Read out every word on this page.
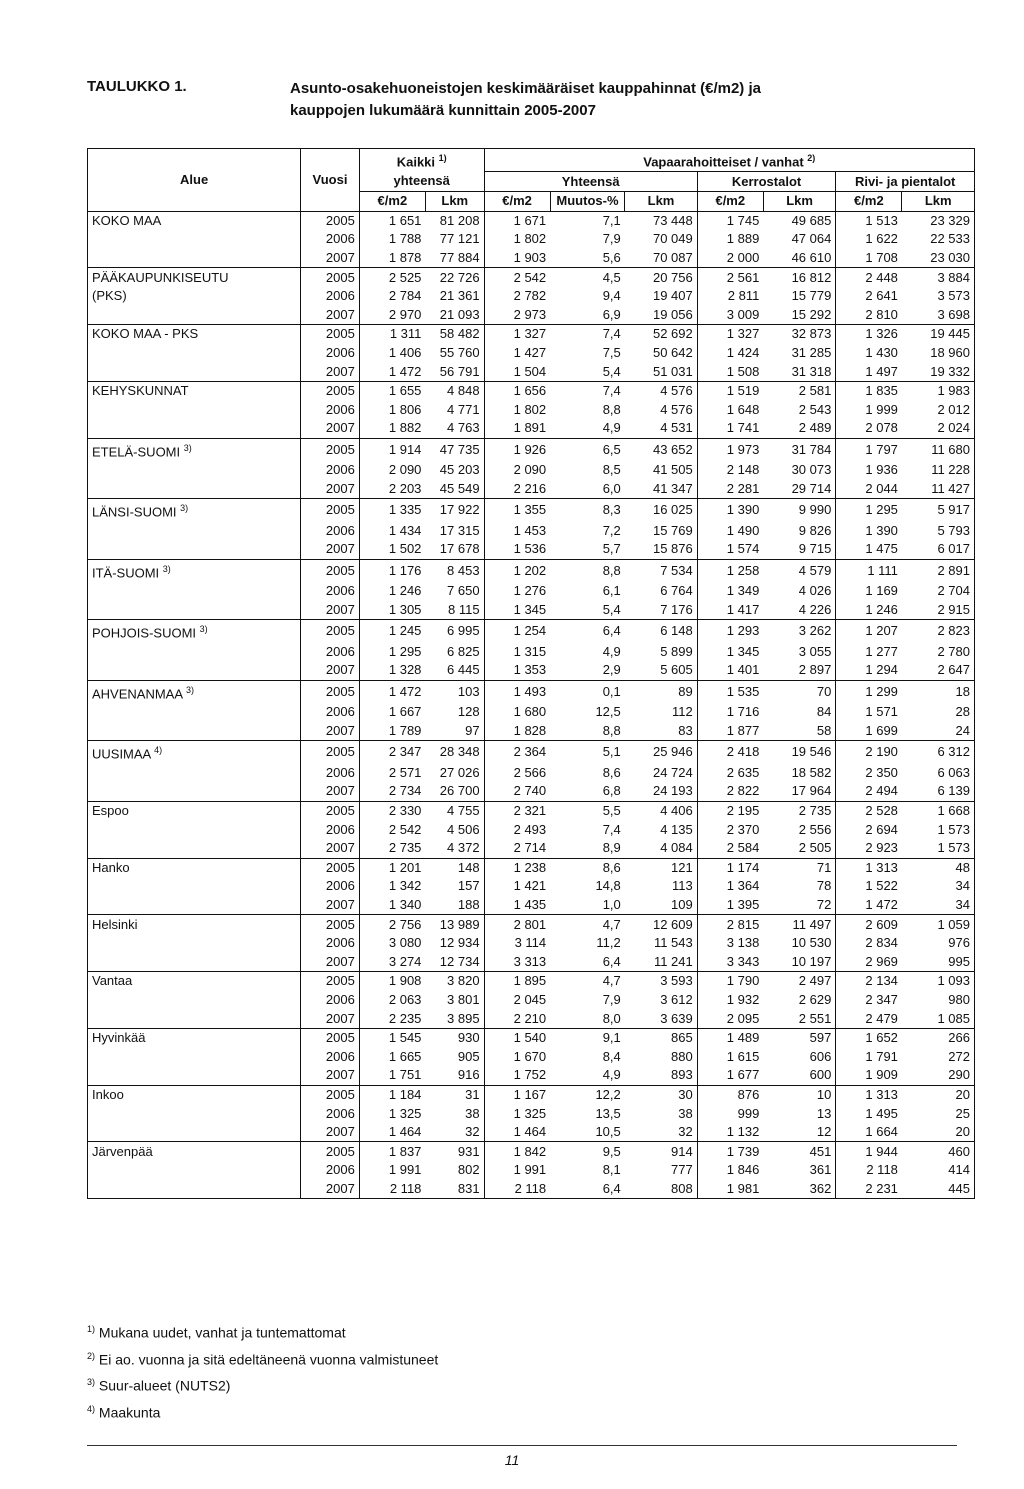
TAULUKKO 1.	Asunto-osakehuoneistojen keskimääräiset kauppahinnat (€/m2) ja
kauppojen lukumäärä kunnittain 2005-2007
Alue	Vuosi	Kaikki $^{1)}$		Vapaarahoitteiset / vanhat $^{2)}$
		yhteensä		Yhteensä			Kerrostalot		Rivi- ja pientalot	
		€/m2	Lkm	€/m2	Muutos-%	Lkm	€/m2	Lkm	€/m2	Lkm
KOKO MAA	2005	1 651	81 208	1 671	7,1	73 448	1 745	49 685	1 513	23 329
	2006	1 788	77 121	1 802	7,9	70 049	1 889	47 064	1 622	22 533
	2007	1 878	77 884	1 903	5,6	70 087	2 000	46 610	1 708	23 030
PÄÄKAUPUNKISEUTU	2005	2 525	22 726	2 542	4,5	20 756	2 561	16 812	2 448	3 884
(PKS)	2006	2 784	21 361	2 782	9,4	19 407	2 811	15 779	2 641	3 573
	2007	2 970	21 093	2 973	6,9	19 056	3 009	15 292	2 810	3 698
KOKO MAA - PKS	2005	1 311	58 482	1 327	7,4	52 692	1 327	32 873	1 326	19 445
	2006	1 406	55 760	1 427	7,5	50 642	1 424	31 285	1 430	18 960
	2007	1 472	56 791	1 504	5,4	51 031	1 508	31 318	1 497	19 332
KEHYSKUNNAT	2005	1 655	4 848	1 656	7,4	4 576	1 519	2 581	1 835	1 983
	2006	1 806	4 771	1 802	8,8	4 576	1 648	2 543	1 999	2 012
	2007	1 882	4 763	1 891	4,9	4 531	1 741	2 489	2 078	2 024
ETELÄ-SUOMI $^{3)}$	2005	1 914	47 735	1 926	6,5	43 652	1 973	31 784	1 797	11 680
	2006	2 090	45 203	2 090	8,5	41 505	2 148	30 073	1 936	11 228
	2007	2 203	45 549	2 216	6,0	41 347	2 281	29 714	2 044	11 427
LÄNSI-SUOMI $^{3)}$	2005	1 335	17 922	1 355	8,3	16 025	1 390	9 990	1 295	5 917
	2006	1 434	17 315	1 453	7,2	15 769	1 490	9 826	1 390	5 793
	2007	1 502	17 678	1 536	5,7	15 876	1 574	9 715	1 475	6 017
ITÄ-SUOMI $^{3)}$	2005	1 176	8 453	1 202	8,8	7 534	1 258	4 579	1 111	2 891
	2006	1 246	7 650	1 276	6,1	6 764	1 349	4 026	1 169	2 704
	2007	1 305	8 115	1 345	5,4	7 176	1 417	4 226	1 246	2 915
POHJOIS-SUOMI $^{3)}$	2005	1 245	6 995	1 254	6,4	6 148	1 293	3 262	1 207	2 823
	2006	1 295	6 825	1 315	4,9	5 899	1 345	3 055	1 277	2 780
	2007	1 328	6 445	1 353	2,9	5 605	1 401	2 897	1 294	2 647
AHVENANMAA $^{3)}$	2005	1 472	103	1 493	0,1	89	1 535	70	1 299	18
	2006	1 667	128	1 680	12,5	112	1 716	84	1 571	28
	2007	1 789	97	1 828	8,8	83	1 877	58	1 699	24
UUSIMAA $^{4)}$	2005	2 347	28 348	2 364	5,1	25 946	2 418	19 546	2 190	6 312
	2006	2 571	27 026	2 566	8,6	24 724	2 635	18 582	2 350	6 063
	2007	2 734	26 700	2 740	6,8	24 193	2 822	17 964	2 494	6 139
Espoo	2005	2 330	4 755	2 321	5,5	4 406	2 195	2 735	2 528	1 668
	2006	2 542	4 506	2 493	7,4	4 135	2 370	2 556	2 694	1 573
	2007	2 735	4 372	2 714	8,9	4 084	2 584	2 505	2 923	1 573
Hanko	2005	1 201	148	1 238	8,6	121	1 174	71	1 313	48
	2006	1 342	157	1 421	14,8	113	1 364	78	1 522	34
	2007	1 340	188	1 435	1,0	109	1 395	72	1 472	34
Helsinki	2005	2 756	13 989	2 801	4,7	12 609	2 815	11 497	2 609	1 059
	2006	3 080	12 934	3 114	11,2	11 543	3 138	10 530	2 834	976
	2007	3 274	12 734	3 313	6,4	11 241	3 343	10 197	2 969	995
Vantaa	2005	1 908	3 820	1 895	4,7	3 593	1 790	2 497	2 134	1 093
	2006	2 063	3 801	2 045	7,9	3 612	1 932	2 629	2 347	980
	2007	2 235	3 895	2 210	8,0	3 639	2 095	2 551	2 479	1 085
Hyvinkää	2005	1 545	930	1 540	9,1	865	1 489	597	1 652	266
	2006	1 665	905	1 670	8,4	880	1 615	606	1 791	272
	2007	1 751	916	1 752	4,9	893	1 677	600	1 909	290
Inkoo	2005	1 184	31	1 167	12,2	30	876	10	1 313	20
	2006	1 325	38	1 325	13,5	38	999	13	1 495	25
	2007	1 464	32	1 464	10,5	32	1 132	12	1 664	20
Järvenpää	2005	1 837	931	1 842	9,5	914	1 739	451	1 944	460
	2006	1 991	802	1 991	8,1	777	1 846	361	2 118	414
	2007	2 118	831	2 118	6,4	808	1 981	362	2 231	445
$^{1)}$ Mukana uudet, vanhat ja tuntemattomat
$^{2)}$ Ei ao. vuonna ja sitä edeltäneenä vuonna valmistuneet
$^{3)}$ Suur-alueet (NUTS2)
$^{4)}$ Maakunta
11
